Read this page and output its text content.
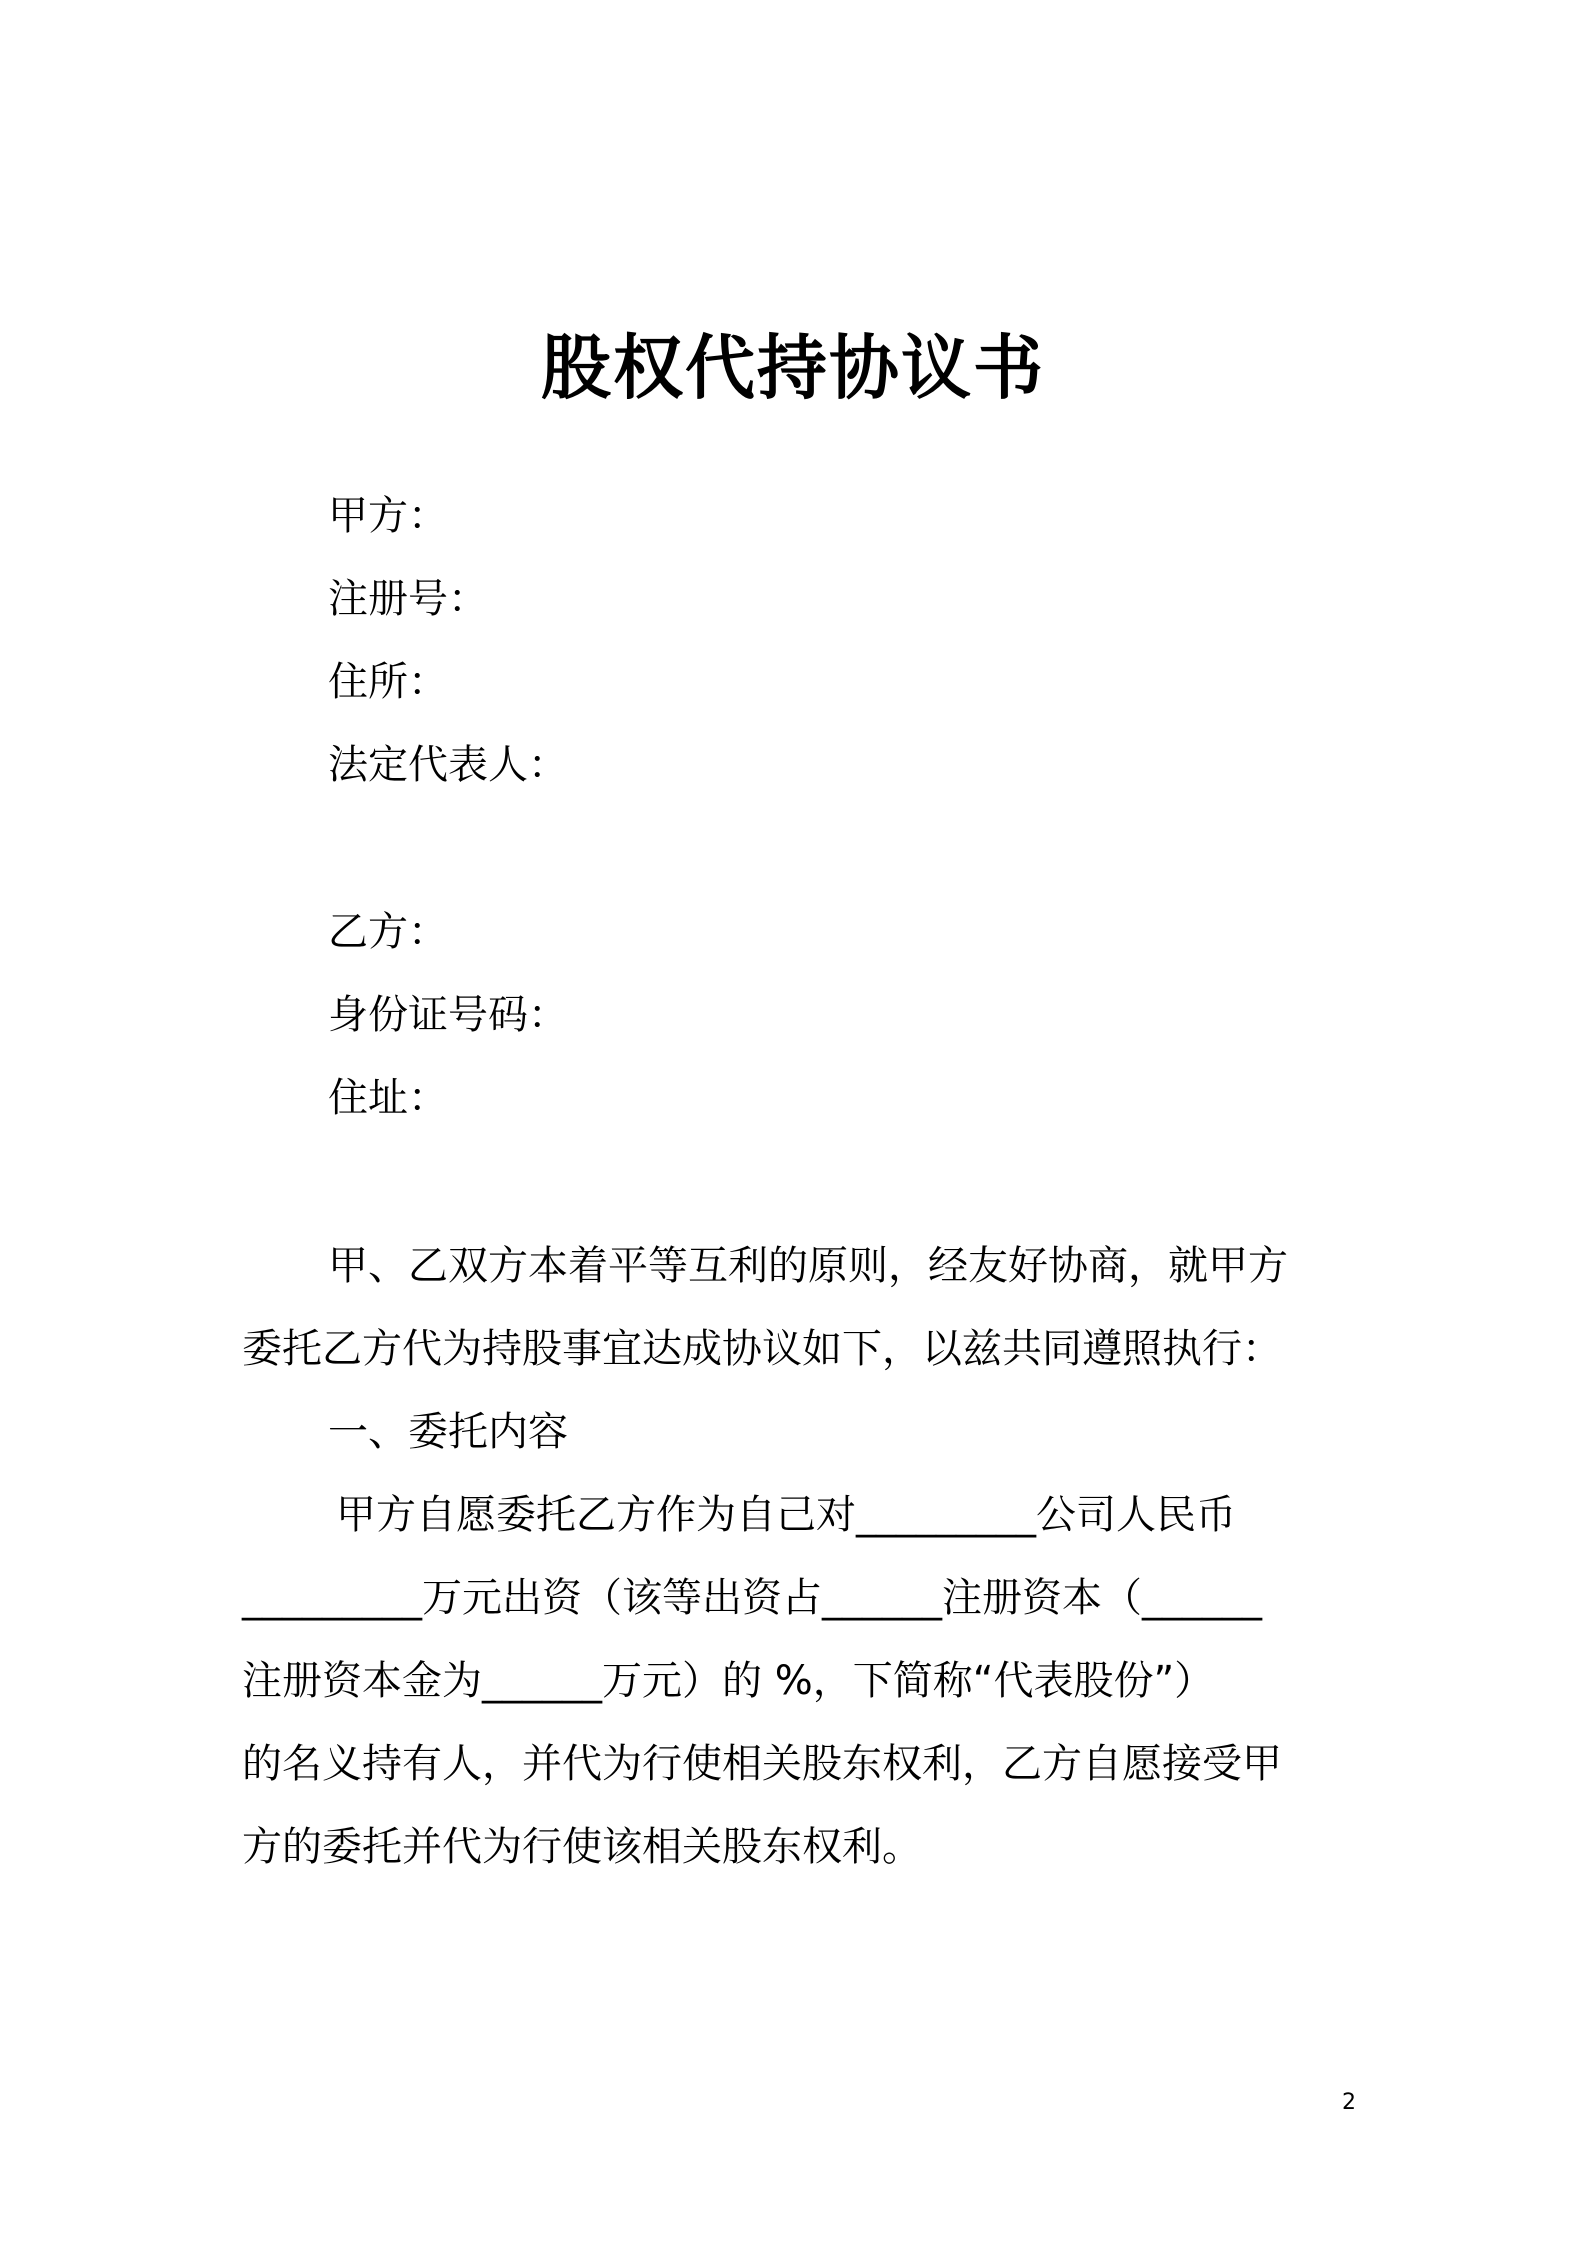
股权代持协议书
甲方：
注册号：
住所：
法定代表人：
乙方：
身份证号码：
住址：
甲、乙双方本着平等互利的原则，经友好协商，就甲方
委托乙方代为持股事宜达成协议如下，以兹共同遵照执行：
一、委托内容
甲方自愿委托乙方作为自己对_________公司人民币
_________万元出资（该等出资占______注册资本（______
注册资本金为______万元）的 %，下简称“代表股份”）
的名义持有人，并代为行使相关股东权利，乙方自愿接受甲
方的委托并代为行使该相关股东权利。
2
